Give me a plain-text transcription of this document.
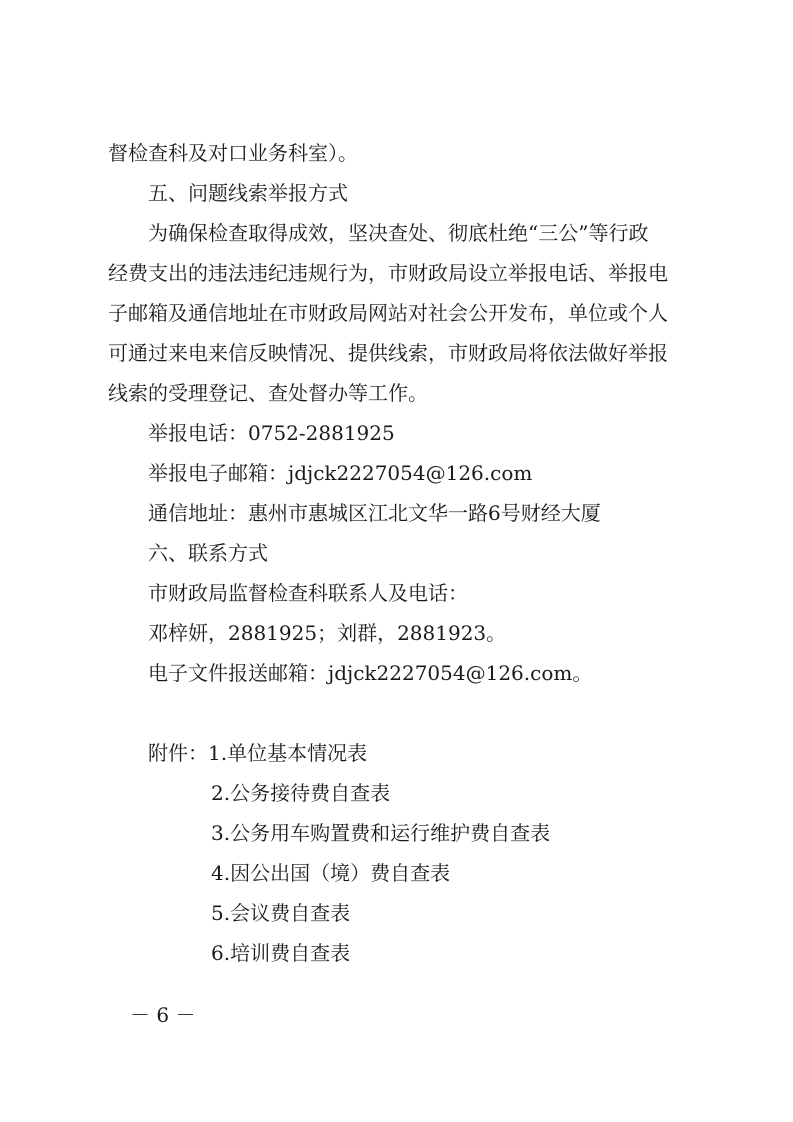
督检查科及对口业务科室）。
五、问题线索举报方式
为确保检查取得成效，坚决查处、彻底杜绝“三公”等行政
经费支出的违法违纪违规行为，市财政局设立举报电话、举报电
子邮箱及通信地址在市财政局网站对社会公开发布，单位或个人
可通过来电来信反映情况、提供线索，市财政局将依法做好举报
线索的受理登记、查处督办等工作。
举报电话：0752-2881925
举报电子邮箱：jdjck2227054@126.com
通信地址：惠州市惠城区江北文华一路6号财经大厦
六、联系方式
市财政局监督检查科联系人及电话：
邓梓妍，2881925；刘群，2881923。
电子文件报送邮箱：jdjck2227054@126.com。
附件：1.单位基本情况表
2.公务接待费自查表
3.公务用车购置费和运行维护费自查表
4.因公出国（境）费自查表
5.会议费自查表
6.培训费自查表
－ 6 －
